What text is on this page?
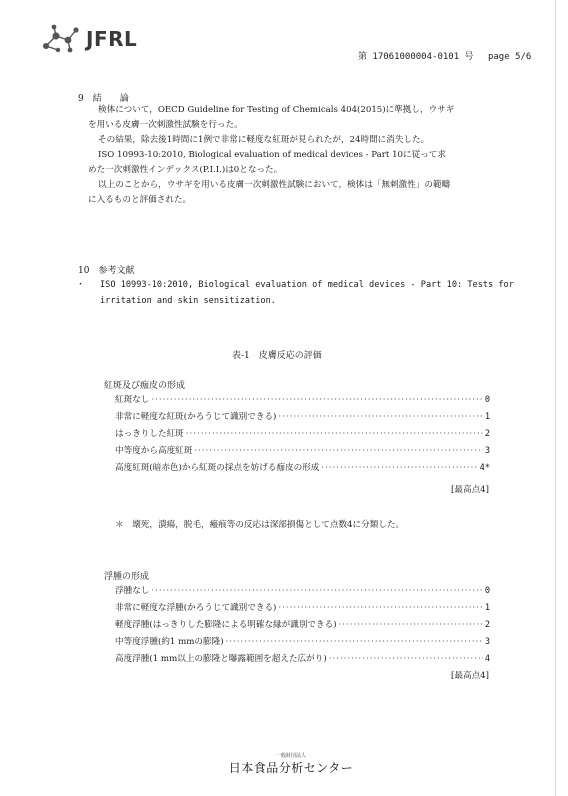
JFRL
第 17061000004-0101 号　 page 5/6
9　結　　論
検体について，OECD Guideline for Testing of Chemicals 404(2015)に準拠し，ウサギ
を用いる皮膚一次刺激性試験を行った。
その結果，除去後1時間に1例で非常に軽度な紅斑が見られたが，24時間に消失した。
ISO 10993-10:2010, Biological evaluation of medical devices - Part 10に従って求
めた一次刺激性インデックス(P.I.I.)は0となった。
以上のことから，ウサギを用いる皮膚一次刺激性試験において，検体は「無刺激性」の範疇
に入るものと評価された。
10　参考文献
・ ISO 10993-10:2010, Biological evaluation of medical devices - Part 10: Tests for
irritation and skin sensitization.
表-1　皮膚反応の評価
紅斑及び痂皮の形成
紅斑なし ·····	0
非常に軽度な紅斑(かろうじて識別できる) ·····	1
はっきりした紅斑 ·····	2
中等度から高度紅斑 ·····	3
高度紅斑(暗赤色)から紅斑の採点を妨げる痂皮の形成 ·····	4*
[最高点4]
＊　壊死，潰瘍，脱毛，瘢痕等の反応は深部損傷として点数4に分類した。
浮腫の形成
浮腫なし ·····	0
非常に軽度な浮腫(かろうじて識別できる) ·····	1
軽度浮腫(はっきりした膨隆による明確な縁が識別できる) ·····	2
中等度浮腫(約1 mmの膨隆) ·····	3
高度浮腫(1 mm以上の膨隆と曝露範囲を超えた広がり) ·····	4
[最高点4]
一般財団法人
日本食品分析センター
